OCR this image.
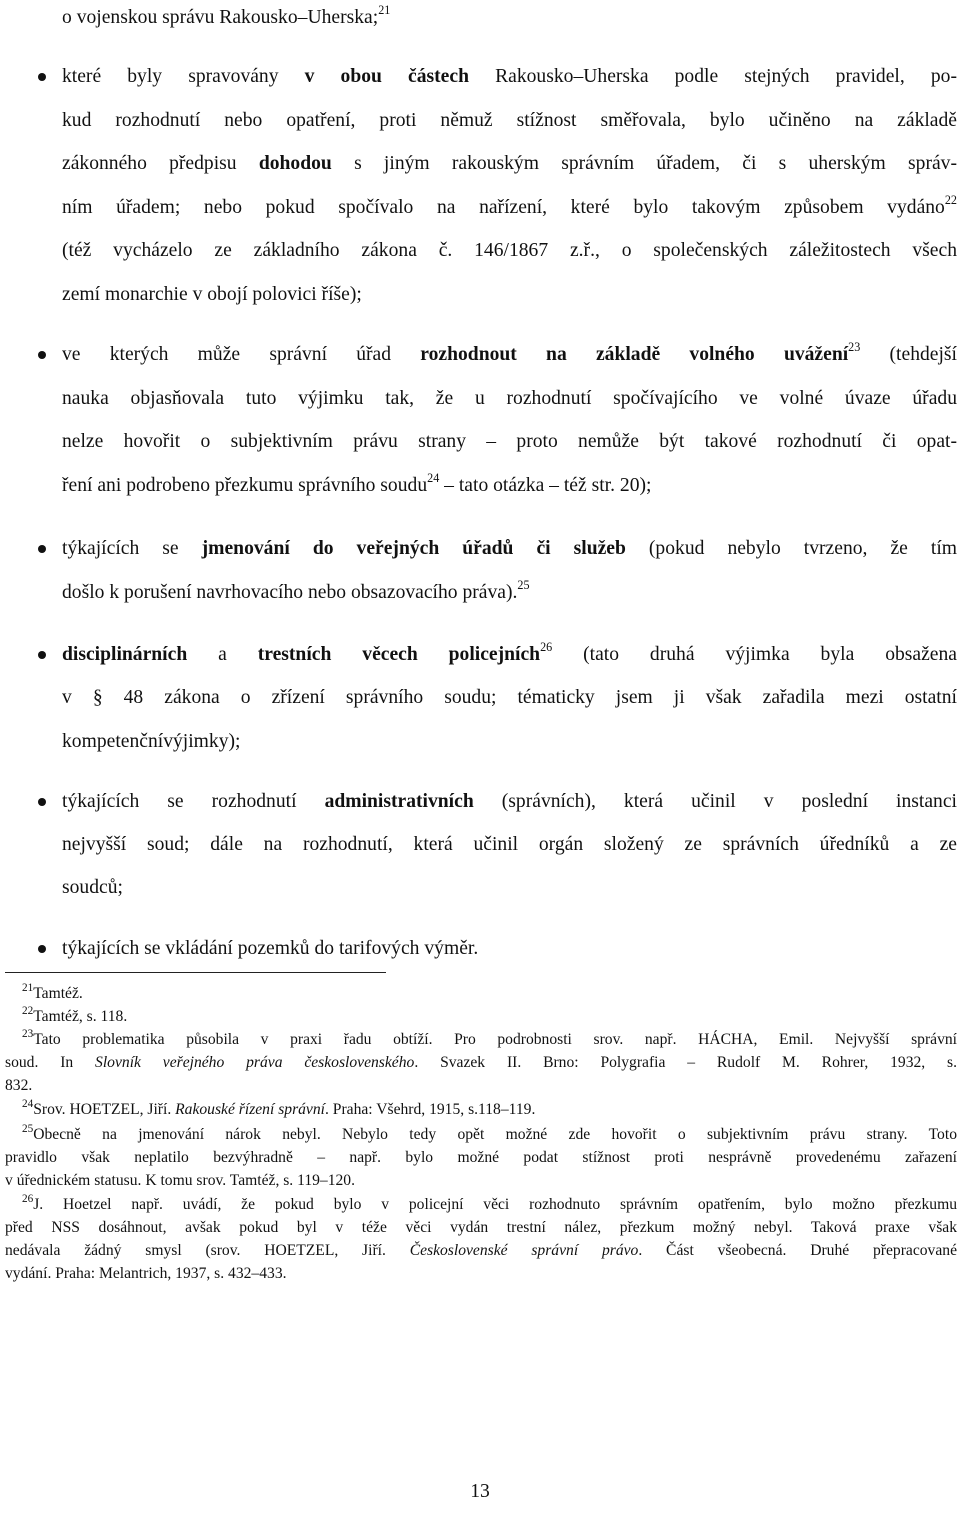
o vojenskou správu Rakousko–Uherska;$^{21}$
které byly spravovány v obou částech Rakousko–Uherska podle stejných pravidel, po-
kud rozhodnutí nebo opatření, proti němuž stížnost směřovala, bylo učiněno na základě
zákonného předpisu dohodou s jiným rakouským správním úřadem, či s uherským správ-
ním úřadem; nebo pokud spočívalo na nařízení, které bylo takovým způsobem vydáno$^{22}$
(též vycházelo ze základního zákona č. 146/1867 z.ř., o společenských záležitostech všech
zemí monarchie v obojí polovici říše);
ve kterých může správní úřad rozhodnout na základě volného uvážení$^{23}$ (tehdejší
nauka objasňovala tuto výjimku tak, že u rozhodnutí spočívajícího ve volné úvaze úřadu
nelze hovořit o subjektivním právu strany – proto nemůže být takové rozhodnutí či opat-
ření ani podrobeno přezkumu správního soudu$^{24}$ – tato otázka – též str. 20);
týkajících se jmenování do veřejných úřadů či služeb (pokud nebylo tvrzeno, že tím
došlo k porušení navrhovacího nebo obsazovacího práva).$^{25}$
disciplinárních a trestních věcech policejních$^{26}$ (tato druhá výjimka byla obsažena
v § 48 zákona o zřízení správního soudu; tématicky jsem ji však zařadila mezi ostatní
kompetenčnívýjimky);
týkajících se rozhodnutí administrativních (správních), která učinil v poslední instanci
nejvyšší soud; dále na rozhodnutí, která učinil orgán složený ze správních úředníků a ze
soudců;
týkajících se vkládání pozemků do tarifových výměr.
$^{21}$Tamtéž.
$^{22}$Tamtéž, s. 118.
$^{23}$Tato problematika působila v praxi řadu obtíží. Pro podrobnosti srov. např. HÁCHA, Emil. Nejvyšší správní
soud. In Slovník veřejného práva československého. Svazek II. Brno: Polygrafia – Rudolf M. Rohrer, 1932, s.
832.
$^{24}$Srov. HOETZEL, Jiří. Rakouské řízení správní. Praha: Všehrd, 1915, s.118–119.
$^{25}$Obecně na jmenování nárok nebyl. Nebylo tedy opět možné zde hovořit o subjektivním právu strany. Toto
pravidlo však neplatilo bezvýhradně – např. bylo možné podat stížnost proti nesprávně provedenému zařazení
v úřednickém statusu. K tomu srov. Tamtéž, s. 119–120.
$^{26}$J. Hoetzel např. uvádí, že pokud bylo v policejní věci rozhodnuto správním opatřením, bylo možno přezkumu
před NSS dosáhnout, avšak pokud byl v téže věci vydán trestní nález, přezkum možný nebyl. Taková praxe však
nedávala žádný smysl (srov. HOETZEL, Jiří. Československé správní právo. Část všeobecná. Druhé přepracované
vydání. Praha: Melantrich, 1937, s. 432–433.
13
